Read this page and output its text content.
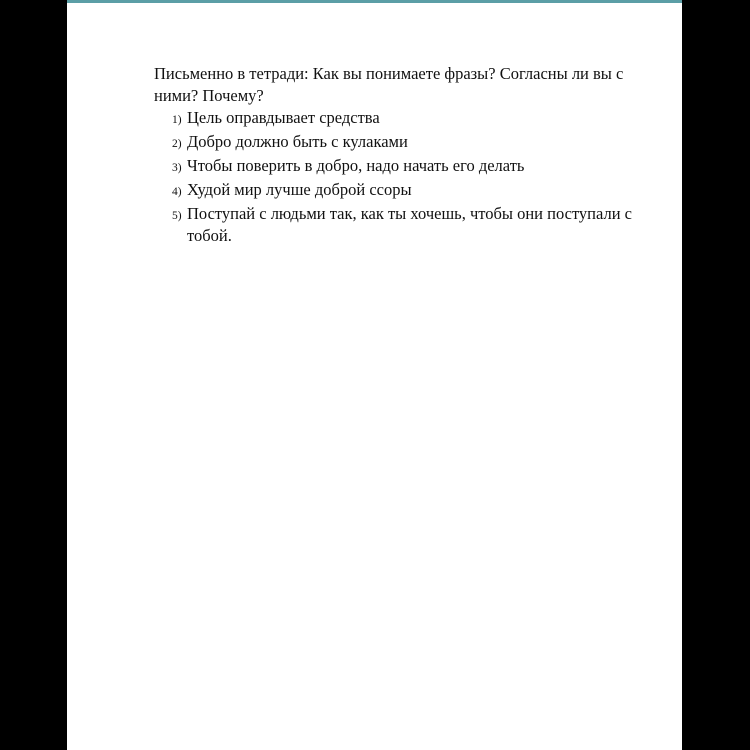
Письменно в тетради: Как вы понимаете фразы? Согласны ли вы с ними? Почему?

1) Цель оправдывает средства
2) Добро должно быть с кулаками
3) Чтобы поверить в добро, надо начать его делать
4) Худой мир лучше доброй ссоры
5) Поступай с людьми так, как ты хочешь, чтобы они поступали с тобой.
